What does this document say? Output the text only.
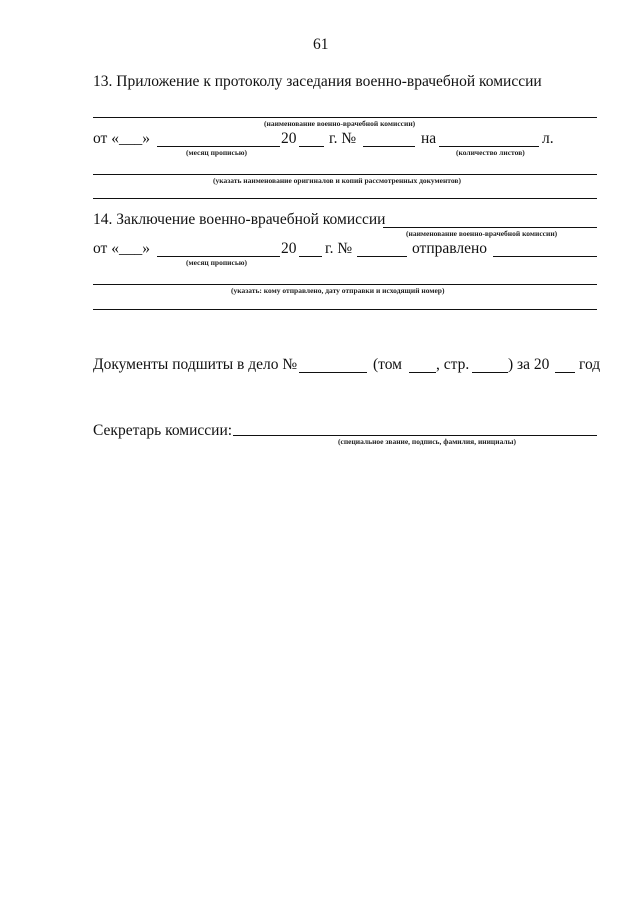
61
13. Приложение к протоколу заседания военно-врачебной комиссии
(наименование военно-врачебной комиссии)
от «___»	20 г. №	на	л.
(месяц прописью)	(количество листов)
(указать наименование оригиналов и копий рассмотренных документов)
14. Заключение военно-врачебной комиссии
(наименование военно-врачебной комиссии)
от «___»	20 г. №	отправлено
(месяц прописью)
(указать: кому отправлено, дату отправки и исходящий номер)
Документы подшиты в дело №	(том , стр.	) за 20 год
Секретарь комиссии:
(специальное звание, подпись, фамилия, инициалы)
